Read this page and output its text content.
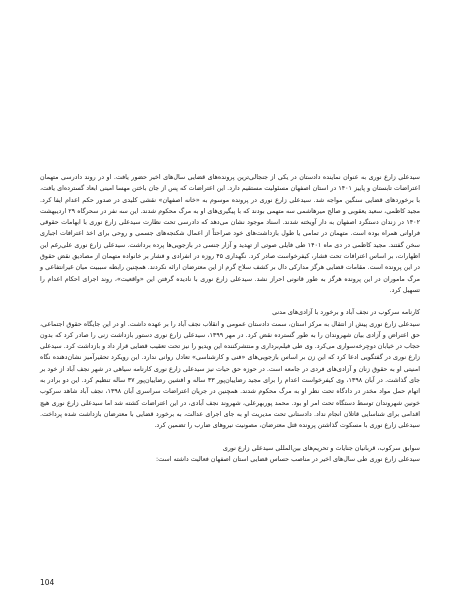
سیدعلی زارع نوری به عنوان نماینده دادستان در یکی از جنجالی‌ترین پرونده‌های قضایی سال‌های اخیر حضور یافت. او در روند دادرسی متهمان اعتراضات تابستان و پاییز ۱۴۰۱ در استان اصفهان مسئولیت مستقیم دارد. این اعتراضات که پس از جان باختن مهسا امینی ابعاد گسترده‌ای یافت، با برخوردهای قضایی سنگین مواجه شد. سیدعلی زارع نوری در پرونده موسوم به «خانه اصفهان» نقشی کلیدی در صدور حکم اعدام ایفا کرد. مجید کاظمی، سعید یعقوبی و صالح میرهاشمی سه متهمی بودند که با پیگیری‌های او به مرگ محکوم شدند. این سه نفر در سحرگاه ۲۹ اردیبهشت ۱۴۰۲ در زندان دستگرد اصفهان به دار آویخته شدند. اسناد موجود نشان می‌دهد که دادرسی تحت نظارت سیدعلی زارع نوری با ابهامات حقوقی فراوانی همراه بوده است. متهمان در تمامی یا طول بازداشت‌های خود صراحتاً از اعمال شکنجه‌های جسمی و روحی برای اخذ اعترافات اجباری سخن گفتند. مجید کاظمی در دی ماه ۱۴۰۱ طی فایلی صوتی از تهدید و آزار جنسی در بازجویی‌ها پرده برداشت. سیدعلی زارع نوری علی‌رغم این اظهارات، بر اساس اعترافات تحت فشار، کیفرخواست صادر کرد. نگهداری ۴۵ روزه در انفرادی و فشار بر خانواده متهمان از مصادیق نقض حقوق در این پرونده است. مقامات قضایی هرگز مدارکی دال بر کشف سلاح گرم از این معترضان ارائه نکردند. همچنین رابطه سببیت میان غیرانتفاعی و مرگ ماموران در این پرونده هرگز به طور قانونی احراز نشد. سیدعلی زارع نوری با نادیده گرفتن این «واقعیت»، روند اجرای احکام اعدام را تسهیل کرد.

کارنامه سرکوب در نجف آباد و برخورد با آزادی‌های مدنی

سیدعلی زارع نوری پیش از انتقال به مرکز استان، سمت دادستان عمومی و انقلاب نجف آباد را بر عهده داشت. او در این جایگاه حقوق اجتماعی، حق اعتراض و آزادی بیان شهروندان را به طور گسترده نقض کرد. در مهر ۱۳۹۹، سیدعلی زارع نوری دستور بازداشت زنی را صادر کرد که بدون حجاب در خیابان دوچرخه‌سواری می‌کرد. وی طی فیلم‌برداری و منتشرکننده این ویدیو را نیز تحت تعقیب قضایی قرار داد و بازداشت کرد. سیدعلی زارع نوری در گفتگویی ادعا کرد که این زن بر اساس بازجویی‌های «فنی و کارشناسی» تعادل روانی ندارد. این رویکرد تحقیرآمیز نشان‌دهنده نگاه امنیتی او به حقوق زنان و آزادی‌های فردی در جامعه است. در حوزه حق حیات نیز سیدعلی زارع نوری کارنامه سیاهی در شهر نجف آباد از خود بر جای گذاشت. در آبان ۱۳۹۸، وی کیفرخواست اعدام را برای مجید رضاییان‌پور ۳۳ ساله و افشین رضاییان‌پور ۳۷ ساله تنظیم کرد. این دو برادر به اتهام حمل مواد مخدر در دادگاه تحت نظر او به مرگ محکوم شدند. همچنین در جریان اعتراضات سراسری آبان ۱۳۹۸، نجف آباد شاهد سرکوب خونین شهروندان توسط دستگاه تحت امر او بود. محمد پوربهرعلی، شهروند نجف آبادی، در این اعتراضات کشته شد اما سیدعلی زارع نوری هیچ اقدامی برای شناسایی قاتلان انجام نداد. دادستانی تحت مدیریت او به جای اجرای عدالت، به برخورد قضایی با معترضان بازداشت شده پرداخت. سیدعلی زارع نوری با مسکوت گذاشتن پرونده قتل معترضان، مصونیت نیروهای ضارب را تضمین کرد.

سوابق سرکوب، قربانیان جنایات و تحریم‌های بین‌المللی سیدعلی زارع نوری

سیدعلی زارع نوری طی سال‌های اخیر در مناصب حساس قضایی استان اصفهان فعالیت داشته است:

104
